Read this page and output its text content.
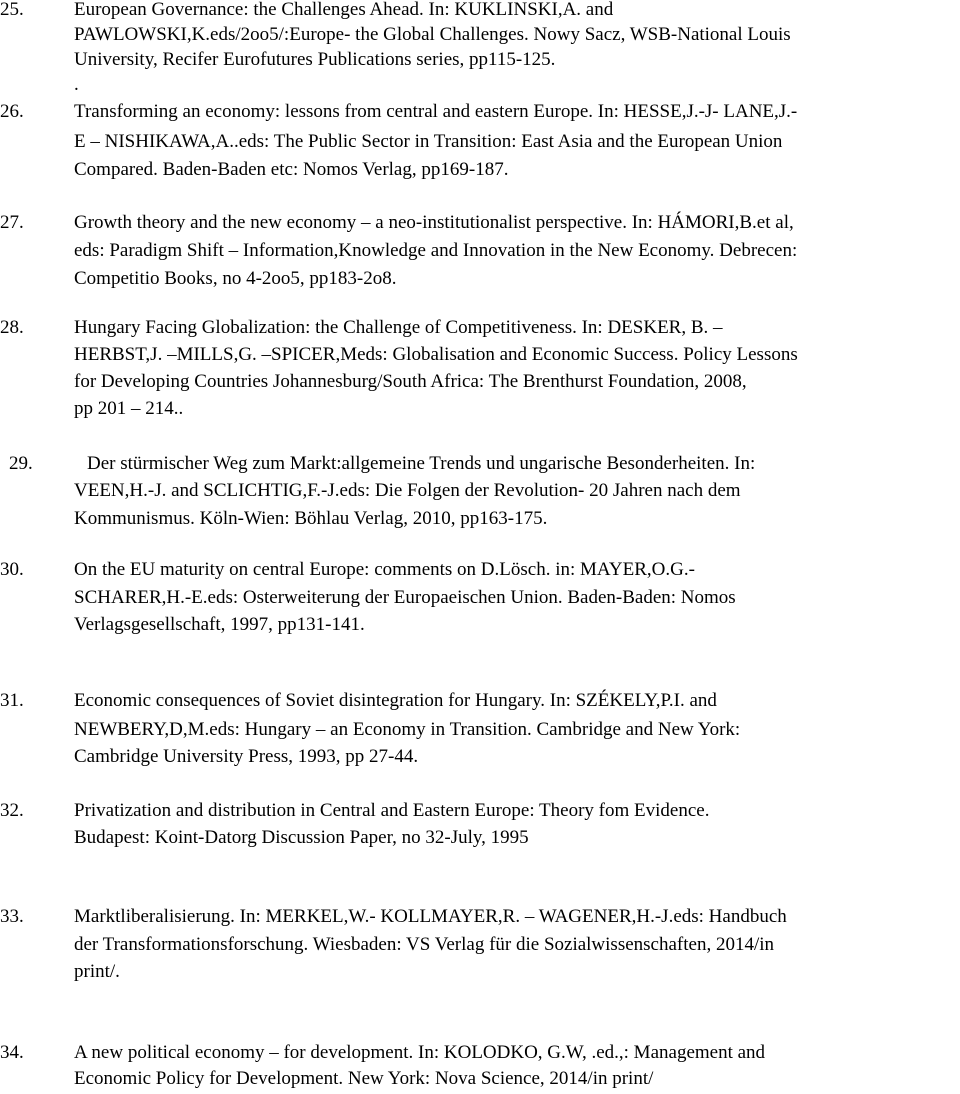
25.	European Governance: the Challenges Ahead. In: KUKLINSKI,A. and
PAWLOWSKI,K.eds/2oo5/:Europe- the Global Challenges. Nowy Sacz, WSB-National Louis
University, Recifer Eurofutures Publications series, pp115-125.
.
26.	Transforming an economy: lessons from central and eastern Europe. In: HESSE,J.-J- LANE,J.-
E – NISHIKAWA,A..eds: The Public Sector in Transition: East Asia and the European Union
Compared. Baden-Baden etc: Nomos Verlag, pp169-187.
27.	Growth theory and the new economy – a neo-institutionalist perspective. In: HÁMORI,B.et al,
eds: Paradigm Shift – Information,Knowledge and Innovation in the New Economy. Debrecen:
Competitio Books, no 4-2oo5, pp183-2o8.
28.	Hungary Facing Globalization: the Challenge of Competitiveness. In: DESKER, B. –
HERBST,J. –MILLS,G. –SPICER,Meds: Globalisation and Economic Success. Policy Lessons
for Developing Countries Johannesburg/South Africa: The Brenthurst Foundation, 2008,
pp 201 – 214..
29.	Der stürmischer Weg zum Markt:allgemeine Trends und ungarische Besonderheiten. In:
VEEN,H.-J. and SCLICHTIG,F.-J.eds: Die Folgen der Revolution- 20 Jahren nach dem
Kommunismus. Köln-Wien: Böhlau Verlag, 2010, pp163-175.
30.	On the EU maturity on central Europe: comments on D.Lösch. in: MAYER,O.G.-
SCHARER,H.-E.eds: Osterweiterung der Europaeischen Union. Baden-Baden: Nomos
Verlagsgesellschaft, 1997, pp131-141.
31.	Economic consequences of Soviet disintegration for Hungary. In: SZÉKELY,P.I. and
NEWBERY,D,M.eds: Hungary – an Economy in Transition. Cambridge and New York:
Cambridge University Press, 1993, pp 27-44.
32.	Privatization and distribution in Central and Eastern Europe: Theory fom Evidence.
Budapest: Koint-Datorg Discussion Paper, no 32-July, 1995
33.	Marktliberalisierung. In: MERKEL,W.- KOLLMAYER,R. – WAGENER,H.-J.eds: Handbuch
der Transformationsforschung. Wiesbaden: VS Verlag für die Sozialwissenschaften, 2014/in
print/.
34.	A new political economy – for development. In: KOLODKO, G.W, .ed.,: Management and
Economic Policy for Development. New York: Nova Science, 2014/in print/
